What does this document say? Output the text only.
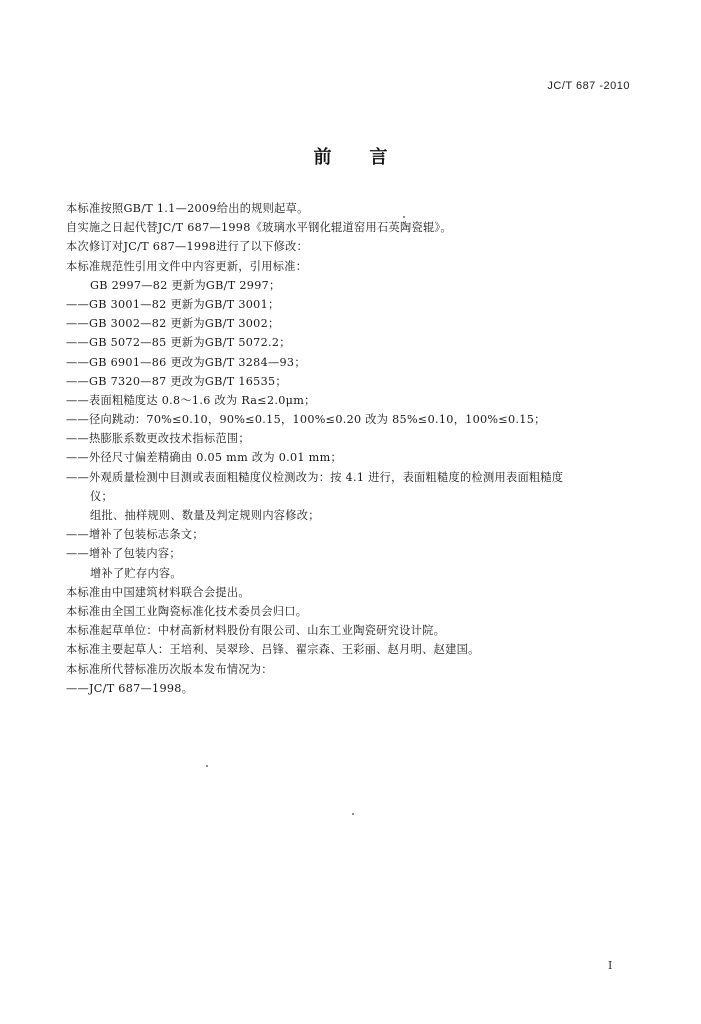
JC/T 687 -2010
前言
本标准按照GB/T 1.1—2009给出的规则起草。
自实施之日起代替JC/T 687—1998《玻璃水平钢化辊道窑用石英陶瓷辊》。
本次修订对JC/T 687—1998进行了以下修改：
本标准规范性引用文件中内容更新，引用标准：
GB 2997—82 更新为GB/T 2997；
——GB 3001—82 更新为GB/T 3001；
——GB 3002—82 更新为GB/T 3002；
——GB 5072—85 更新为GB/T 5072.2；
——GB 6901—86 更改为GB/T 3284—93；
——GB 7320—87 更改为GB/T 16535；
——表面粗糙度达 0.8～1.6 改为 Ra≤2.0μm；
——径向跳动：70%≤0.10，90%≤0.15，100%≤0.20 改为 85%≤0.10，100%≤0.15；
——热膨胀系数更改技术指标范围；
——外径尺寸偏差精确由 0.05 mm 改为 0.01 mm；
——外观质量检测中目测或表面粗糙度仪检测改为：按 4.1 进行，表面粗糙度的检测用表面粗糙度
仪；
组批、抽样规则、数量及判定规则内容修改；
——增补了包装标志条文；
——增补了包装内容；
增补了贮存内容。
本标准由中国建筑材料联合会提出。
本标准由全国工业陶瓷标准化技术委员会归口。
本标准起草单位：中材高新材料股份有限公司、山东工业陶瓷研究设计院。
本标准主要起草人：王培利、吴翠珍、吕锋、翟宗森、王彩丽、赵月明、赵建国。
本标准所代替标准历次版本发布情况为：
——JC/T 687—1998。
I
